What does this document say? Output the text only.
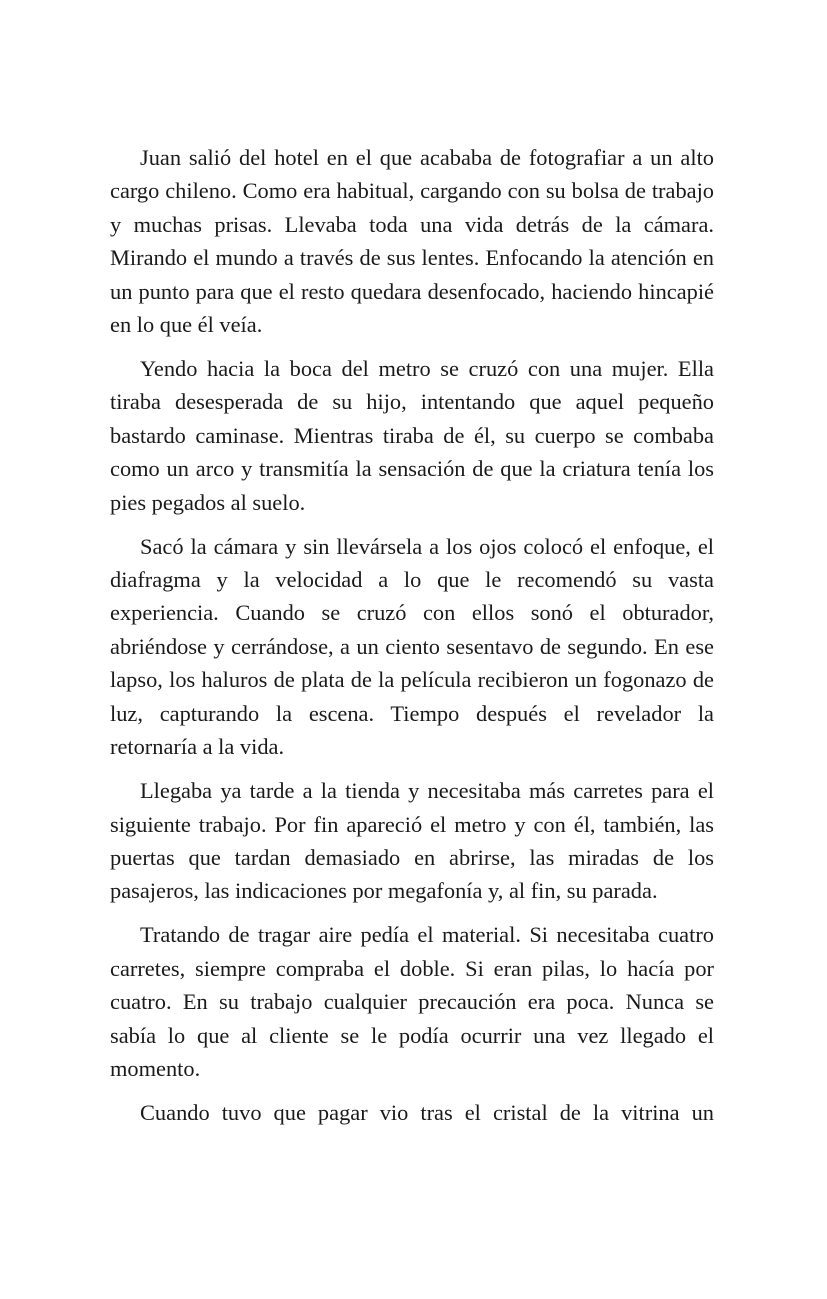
Juan salió del hotel en el que acababa de fotografiar a un alto cargo chileno. Como era habitual, cargando con su bolsa de trabajo y muchas prisas. Llevaba toda una vida detrás de la cámara. Mirando el mundo a través de sus lentes. Enfocando la atención en un punto para que el resto quedara desenfocado, haciendo hincapié en lo que él veía.

Yendo hacia la boca del metro se cruzó con una mujer. Ella tiraba desesperada de su hijo, intentando que aquel pequeño bastardo caminase. Mientras tiraba de él, su cuerpo se combaba como un arco y transmitía la sensación de que la criatura tenía los pies pegados al suelo.

Sacó la cámara y sin llevársela a los ojos colocó el enfoque, el diafragma y la velocidad a lo que le recomendó su vasta experiencia. Cuando se cruzó con ellos sonó el obturador, abriéndose y cerrándose, a un ciento sesentavo de segundo. En ese lapso, los haluros de plata de la película recibieron un fogonazo de luz, capturando la escena. Tiempo después el revelador la retornaría a la vida.

Llegaba ya tarde a la tienda y necesitaba más carretes para el siguiente trabajo. Por fin apareció el metro y con él, también, las puertas que tardan demasiado en abrirse, las miradas de los pasajeros, las indicaciones por megafonía y, al fin, su parada.

Tratando de tragar aire pedía el material. Si necesitaba cuatro carretes, siempre compraba el doble. Si eran pilas, lo hacía por cuatro. En su trabajo cualquier precaución era poca. Nunca se sabía lo que al cliente se le podía ocurrir una vez llegado el momento.

Cuando tuvo que pagar vio tras el cristal de la vitrina un
